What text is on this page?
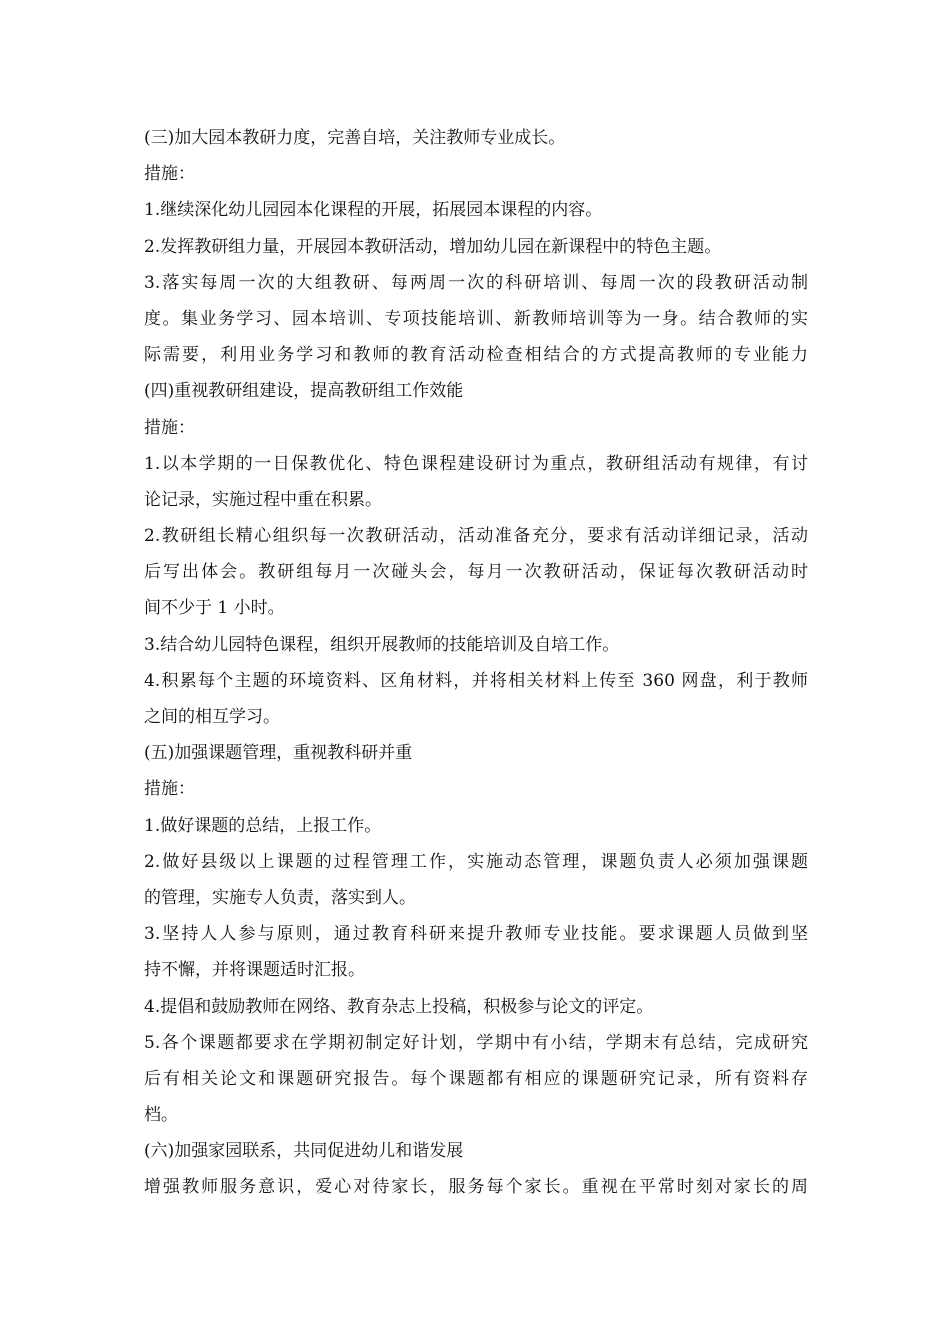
(三)加大园本教研力度，完善自培，关注教师专业成长。
措施：
1.继续深化幼儿园园本化课程的开展，拓展园本课程的内容。
2.发挥教研组力量，开展园本教研活动，增加幼儿园在新课程中的特色主题。
3.落实每周一次的大组教研、每两周一次的科研培训、每周一次的段教研活动制
度。集业务学习、园本培训、专项技能培训、新教师培训等为一身。结合教师的实
际需要，利用业务学习和教师的教育活动检查相结合的方式提高教师的专业能力
(四)重视教研组建设，提高教研组工作效能
措施：
1.以本学期的一日保教优化、特色课程建设研讨为重点，教研组活动有规律，有讨
论记录，实施过程中重在积累。
2.教研组长精心组织每一次教研活动，活动准备充分，要求有活动详细记录，活动
后写出体会。教研组每月一次碰头会，每月一次教研活动，保证每次教研活动时
间不少于 1 小时。
3.结合幼儿园特色课程，组织开展教师的技能培训及自培工作。
4.积累每个主题的环境资料、区角材料，并将相关材料上传至 360 网盘，利于教师
之间的相互学习。
(五)加强课题管理，重视教科研并重
措施：
1.做好课题的总结，上报工作。
2.做好县级以上课题的过程管理工作，实施动态管理，课题负责人必须加强课题
的管理，实施专人负责，落实到人。
3.坚持人人参与原则，通过教育科研来提升教师专业技能。要求课题人员做到坚
持不懈，并将课题适时汇报。
4.提倡和鼓励教师在网络、教育杂志上投稿，积极参与论文的评定。
5.各个课题都要求在学期初制定好计划，学期中有小结，学期末有总结，完成研究
后有相关论文和课题研究报告。每个课题都有相应的课题研究记录，所有资料存
档。
(六)加强家园联系，共同促进幼儿和谐发展
增强教师服务意识，爱心对待家长，服务每个家长。重视在平常时刻对家长的周
